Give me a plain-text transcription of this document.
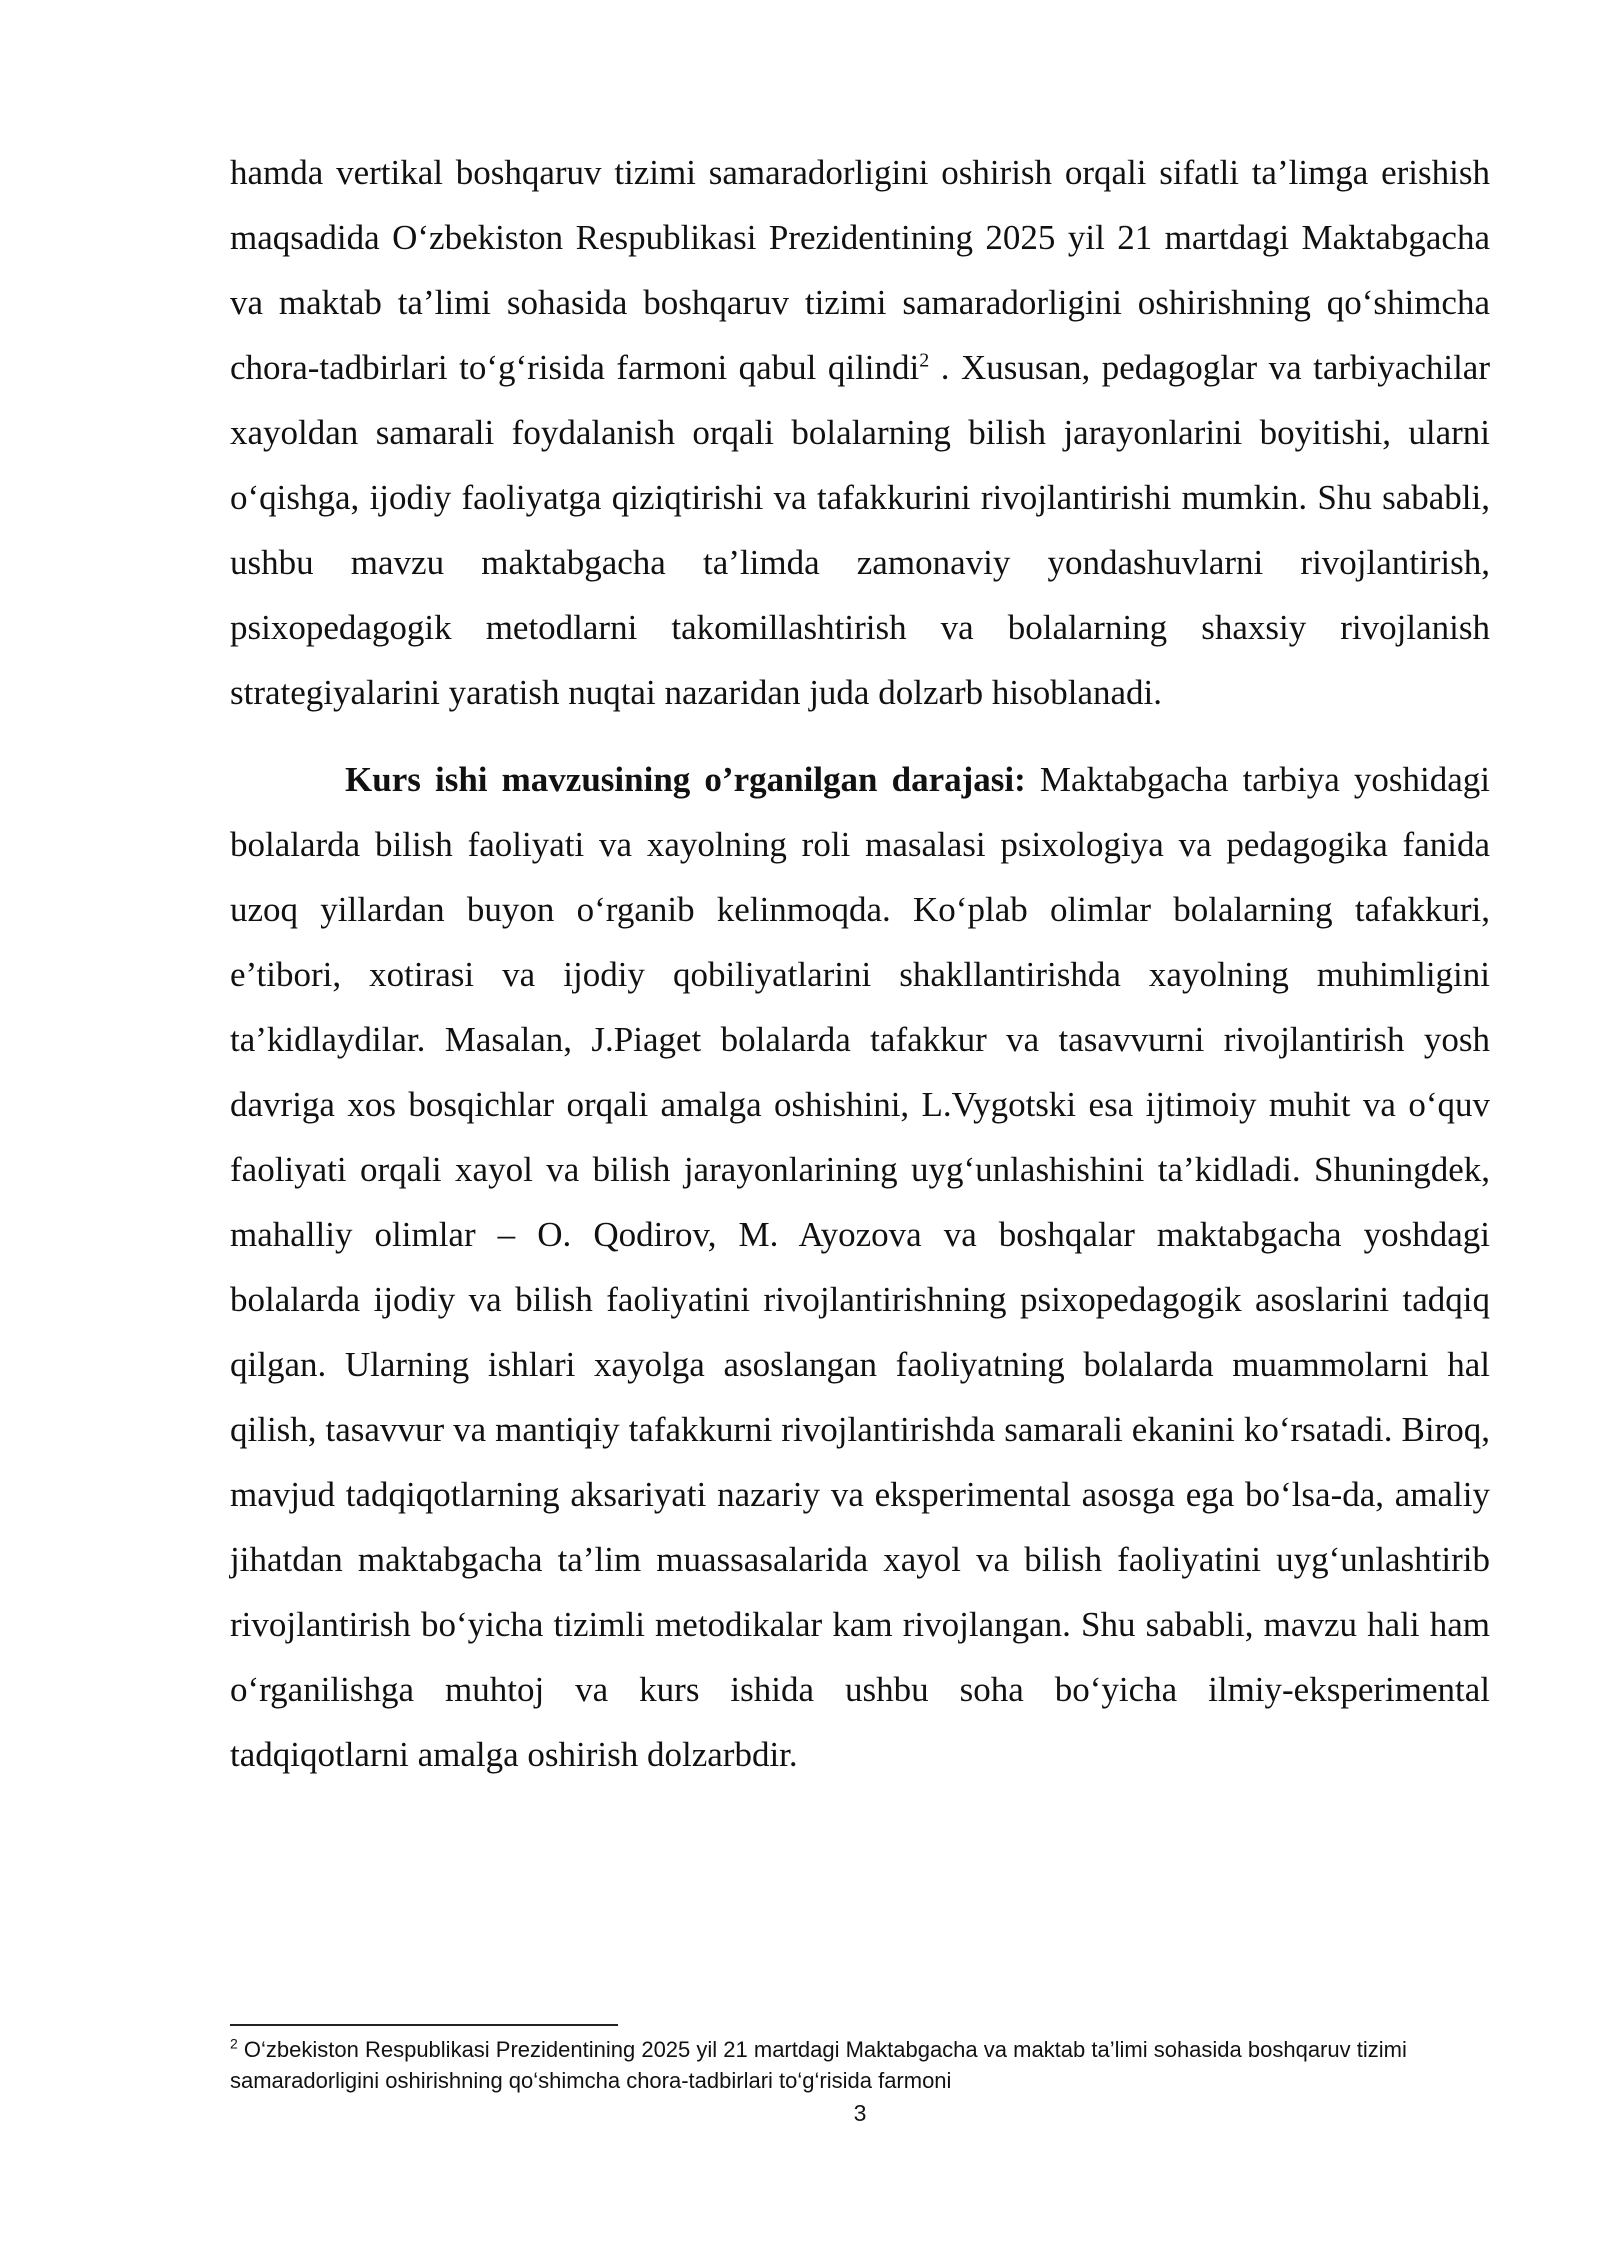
hamda vertikal boshqaruv tizimi samaradorligini oshirish orqali sifatli ta’limga erishish maqsadida O‘zbekiston Respublikasi Prezidentining 2025 yil 21 martdagi Maktabgacha va maktab ta’limi sohasida boshqaruv tizimi samaradorligini oshirishning qo‘shimcha chora-tadbirlari to‘g‘risida farmoni qabul qilindi$^2$ . Xususan, pedagoglar va tarbiyachilar xayoldan samarali foydalanish orqali bolalarning bilish jarayonlarini boyitishi, ularni o‘qishga, ijodiy faoliyatga qiziqtirishi va tafakkurini rivojlantirishi mumkin. Shu sababli, ushbu mavzu maktabgacha ta’limda zamonaviy yondashuvlarni rivojlantirish, psixopedagogik metodlarni takomillashtirish va bolalarning shaxsiy rivojlanish strategiyalarini yaratish nuqtai nazaridan juda dolzarb hisoblanadi.

Kurs ishi mavzusining o’rganilgan darajasi: Maktabgacha tarbiya yoshidagi bolalarda bilish faoliyati va xayolning roli masalasi psixologiya va pedagogika fanida uzoq yillardan buyon o‘rganib kelinmoqda. Ko‘plab olimlar bolalarning tafakkuri, e’tibori, xotirasi va ijodiy qobiliyatlarini shakllantirishda xayolning muhimligini ta’kidlaydilar. Masalan, J.Piaget bolalarda tafakkur va tasavvurni rivojlantirish yosh davriga xos bosqichlar orqali amalga oshishini, L.Vygotski esa ijtimoiy muhit va o‘quv faoliyati orqali xayol va bilish jarayonlarining uyg‘unlashishini ta’kidladi. Shuningdek, mahalliy olimlar – O. Qodirov, M. Ayozova va boshqalar maktabgacha yoshdagi bolalarda ijodiy va bilish faoliyatini rivojlantirishning psixopedagogik asoslarini tadqiq qilgan. Ularning ishlari xayolga asoslangan faoliyatning bolalarda muammolarni hal qilish, tasavvur va mantiqiy tafakkurni rivojlantirishda samarali ekanini ko‘rsatadi. Biroq, mavjud tadqiqotlarning aksariyati nazariy va eksperimental asosga ega bo‘lsa-da, amaliy jihatdan maktabgacha ta’lim muassasalarida xayol va bilish faoliyatini uyg‘unlashtirib rivojlantirish bo‘yicha tizimli metodikalar kam rivojlangan. Shu sababli, mavzu hali ham o‘rganilishga muhtoj va kurs ishida ushbu soha bo‘yicha ilmiy-eksperimental tadqiqotlarni amalga oshirish dolzarbdir.

$^2$ O‘zbekiston Respublikasi Prezidentining 2025 yil 21 martdagi Maktabgacha va maktab ta’limi sohasida boshqaruv tizimi samaradorligini oshirishning qo‘shimcha chora-tadbirlari to‘g‘risida farmoni
3
